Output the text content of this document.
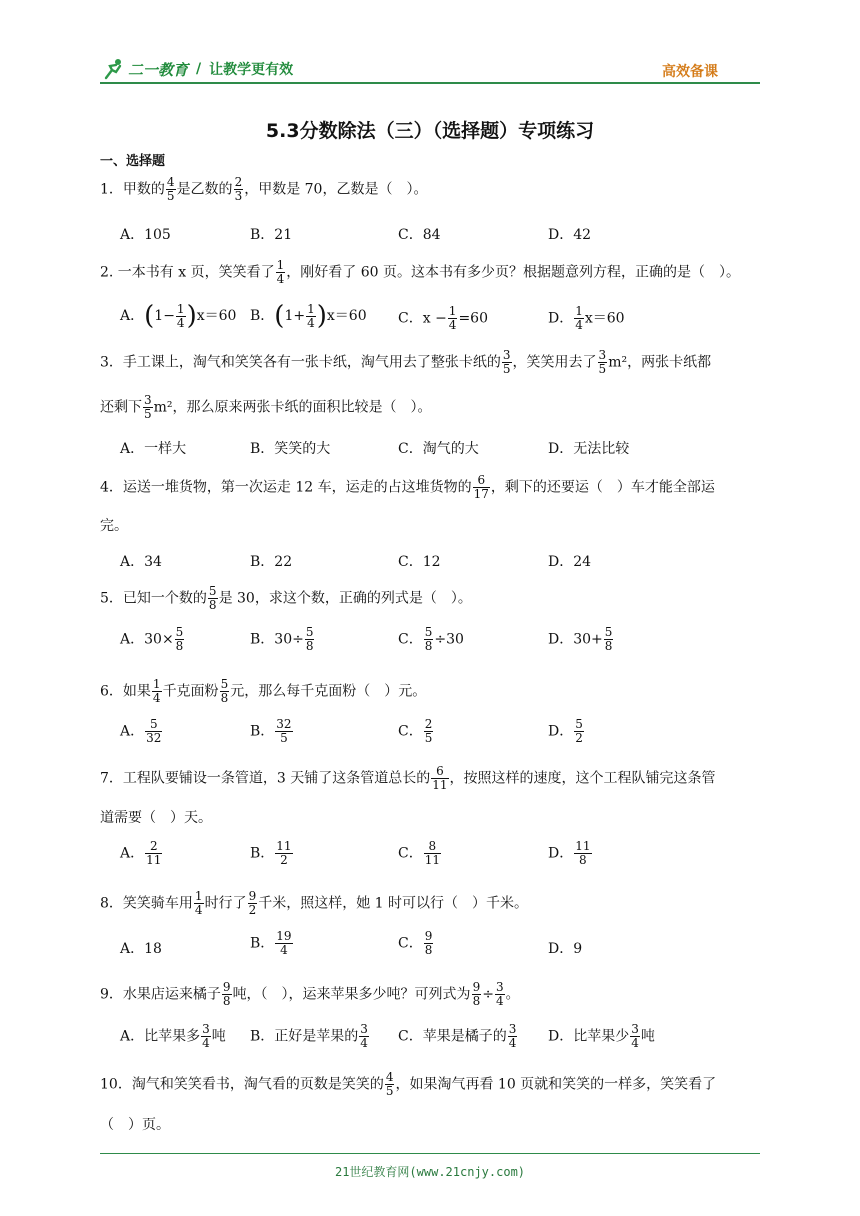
二一教育 / 让教学更有效	高效备课
5.3分数除法（三）（选择题）专项练习
一、选择题
1．甲数的 $\frac{4}{5}$ 是乙数的 $\frac{2}{3}$ ，甲数是 70，乙数是（　）。
A．105	B．21	C．84	D．42
2. 一本书有 x 页，笑笑看了 $\frac{1}{4}$ ，刚好看了 60 页。这本书有多少页？根据题意列方程，正确的是（　）。
A．$(1- \frac{1}{4} )x=60$ B．$(1+ \frac{1}{4} )x=60$ C．$x - \frac{1}{4} =60$	D． $\frac{1}{4} x=60$
3．手工课上，淘气和笑笑各有一张卡纸，淘气用去了整张卡纸的 $\frac{3}{5}$ ，笑笑用去了 $\frac{3}{5} m^2$，两张卡纸都
还剩下 $\frac{3}{5} m^2$，那么原来两张卡纸的面积比较是（　）。
A．一样大	B．笑笑的大	C．淘气的大	D．无法比较
4．运送一堆货物，第一次运走 12 车，运走的占这堆货物的 $\frac{6}{17}$ ，剩下的还要运（　）车才能全部运
完。
A．34	B．22	C．12	D．24
5．已知一个数的 $\frac{5}{8}$ 是 30，求这个数，正确的列式是（　）。
A．$30\times \frac{5}{8}$	B．$30\div \frac{5}{8}$	C． $\frac{5}{8} \div 30$	D．$30+ \frac{5}{8}$
6．如果 $\frac{1}{4}$ 千克面粉 $\frac{5}{8}$ 元，那么每千克面粉（　）元。
A． $\frac{5}{32}$	B． $\frac{32}{5}$	C． $\frac{2}{5}$	D． $\frac{5}{2}$
7．工程队要铺设一条管道，3 天铺了这条管道总长的 $\frac{6}{11}$ ，按照这样的速度，这个工程队铺完这条管
道需要（　）天。
A． $\frac{2}{11}$	B． $\frac{11}{2}$	C． $\frac{8}{11}$	D． $\frac{11}{8}$
8．笑笑骑车用 $\frac{1}{4}$ 时行了 $\frac{9}{2}$ 千米，照这样，她 1 时可以行（　）千米。
A．18	B． $\frac{19}{4}$	C． $\frac{9}{8}$	D．9
9．水果店运来橘子 $\frac{9}{8}$ 吨，（　），运来苹果多少吨？可列式为 $\frac{9}{8} \div \frac{3}{4}$ 。
A．比苹果多 $\frac{3}{4}$ 吨 B．正好是苹果的 $\frac{3}{4}$ C．苹果是橘子的 $\frac{3}{4}$ D．比苹果少 $\frac{3}{4}$ 吨
10．淘气和笑笑看书，淘气看的页数是笑笑的 $\frac{4}{5}$ ，如果淘气再看 10 页就和笑笑的一样多，笑笑看了
（　）页。
21世纪教育网(www.21cnjy.com)
